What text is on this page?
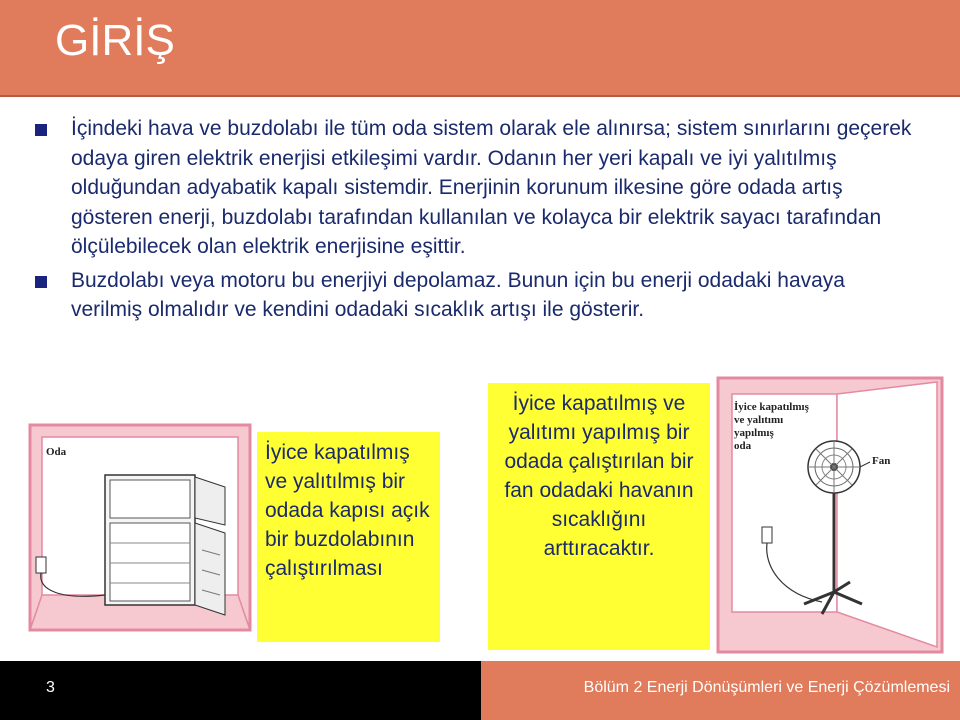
GİRİŞ
İçindeki hava ve buzdolabı ile tüm oda sistem olarak ele alınırsa; sistem sınırlarını geçerek odaya giren elektrik enerjisi etkileşimi vardır. Odanın her yeri kapalı ve iyi yalıtılmış olduğundan adyabatik kapalı sistemdir. Enerjinin korunum ilkesine göre odada artış gösteren enerji, buzdolabı tarafından kullanılan ve kolayca bir elektrik sayacı tarafından ölçülebilecek olan elektrik enerjisine eşittir.
Buzdolabı veya motoru bu enerjiyi depolamaz. Bunun için bu enerji odadaki havaya verilmiş olmalıdır ve kendini odadaki sıcaklık artışı ile gösterir.
Oda	İyice kapatılmış ve yalıtılmış bir odada kapısı açık bir buzdolabının çalıştırılması
İyice kapatılmış ve yalıtımı yapılmış bir odada çalıştırılan bir fan odadaki havanın sıcaklığını arttıracaktır.
İyice kapatılmış
ve yalıtımı
yapılmış
oda
Fan
3	Bölüm 2 Enerji Dönüşümleri ve Enerji Çözümlemesi
